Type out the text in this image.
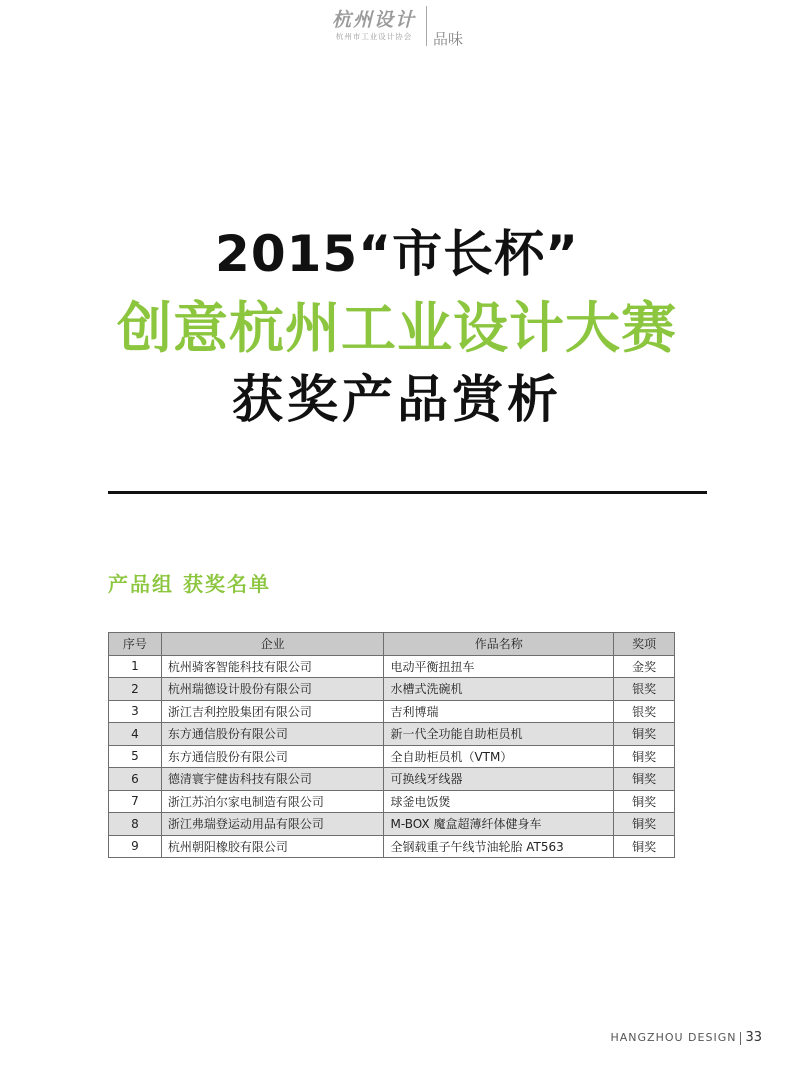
杭州设计
杭州市工业设计协会	品味
2015“市长杯”
创意杭州工业设计大赛
获奖产品赏析
产品组 获奖名单
序号	企业	作品名称	奖项
1	杭州骑客智能科技有限公司	电动平衡扭扭车	金奖
2	杭州瑞德设计股份有限公司	水槽式洗碗机	银奖
3	浙江吉利控股集团有限公司	吉利博瑞	银奖
4	东方通信股份有限公司	新一代全功能自助柜员机	铜奖
5	东方通信股份有限公司	全自助柜员机（VTM）	铜奖
6	德清寰宇健齿科技有限公司	可换线牙线器	铜奖
7	浙江苏泊尔家电制造有限公司	球釜电饭煲	铜奖
8	浙江弗瑞登运动用品有限公司	M-BOX 魔盒超薄纤体健身车	铜奖
9	杭州朝阳橡胶有限公司	全钢载重子午线节油轮胎 AT563	铜奖
HANGZHOU DESIGN 33
